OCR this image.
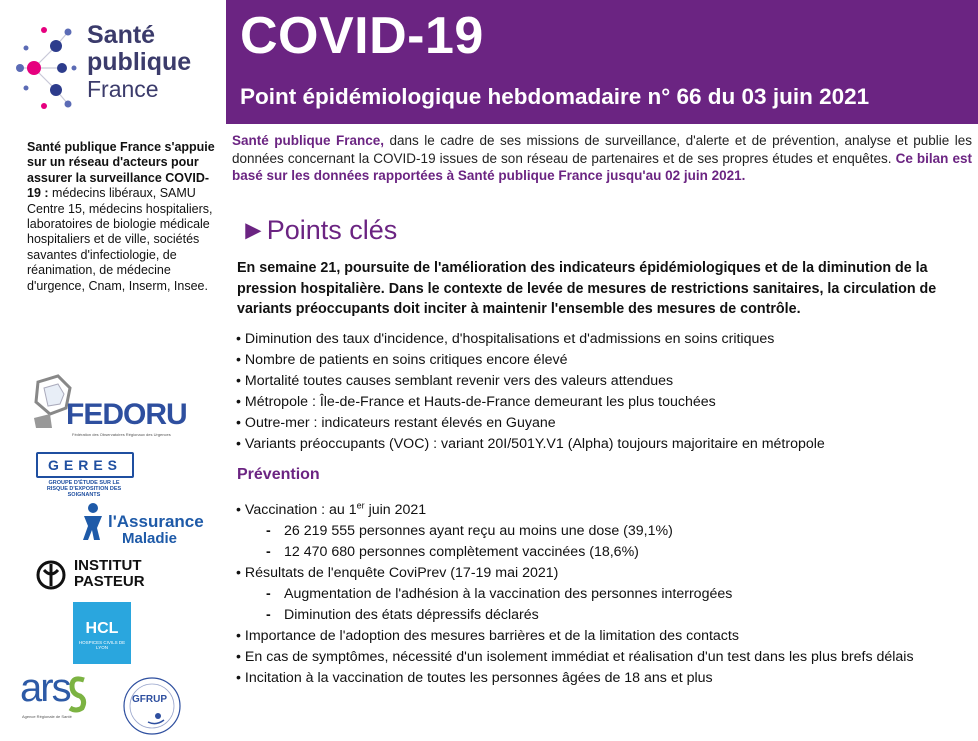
Santé
publique
France
Santé publique France s'appuie sur un réseau d'acteurs pour assurer la surveillance COVID-19 : médecins libéraux, SAMU Centre 15, médecins hospitaliers, laboratoires de biologie médicale hospitaliers et de ville, sociétés savantes d'infectiologie, de réanimation, de médecine d'urgence, Cnam, Inserm, Insee.
FEDORU
Fédération des Observatoires Régionaux des Urgences
GERES
GROUPE D'ÉTUDE SUR LE RISQUE D'EXPOSITION DES SOIGNANTS
l'Assurance
Maladie
INSTITUT
PASTEUR
HCL
HOSPICES CIVILS DE LYON
ars
Agence Régionale de Santé
GFRUP
COVID-19
Point épidémiologique hebdomadaire n° 66 du 03 juin 2021
Santé publique France, dans le cadre de ses missions de surveillance, d'alerte et de prévention, analyse et publie les données concernant la COVID-19 issues de son réseau de partenaires et de ses propres études et enquêtes. Ce bilan est basé sur les données rapportées à Santé publique France jusqu'au 02 juin 2021.
►Points clés
En semaine 21, poursuite de l'amélioration des indicateurs épidémiologiques et de la diminution de la pression hospitalière. Dans le contexte de levée de mesures de restrictions sanitaires, la circulation de variants préoccupants doit inciter à maintenir l'ensemble des mesures de contrôle.
• Diminution des taux d'incidence, d'hospitalisations et d'admissions en soins critiques
• Nombre de patients en soins critiques encore élevé
• Mortalité toutes causes semblant revenir vers des valeurs attendues
• Métropole : Île-de-France et Hauts-de-France demeurant les plus touchées
• Outre-mer : indicateurs restant élevés en Guyane
• Variants préoccupants (VOC) : variant 20I/501Y.V1 (Alpha) toujours majoritaire en métropole
Prévention
• Vaccination : au 1er juin 2021
- 26 219 555 personnes ayant reçu au moins une dose (39,1%)
- 12 470 680 personnes complètement vaccinées (18,6%)
• Résultats de l'enquête CoviPrev (17-19 mai 2021)
- Augmentation de l'adhésion à la vaccination des personnes interrogées
- Diminution des états dépressifs déclarés
• Importance de l'adoption des mesures barrières et de la limitation des contacts
• En cas de symptômes, nécessité d'un isolement immédiat et réalisation d'un test dans les plus brefs délais
• Incitation à la vaccination de toutes les personnes âgées de 18 ans et plus
